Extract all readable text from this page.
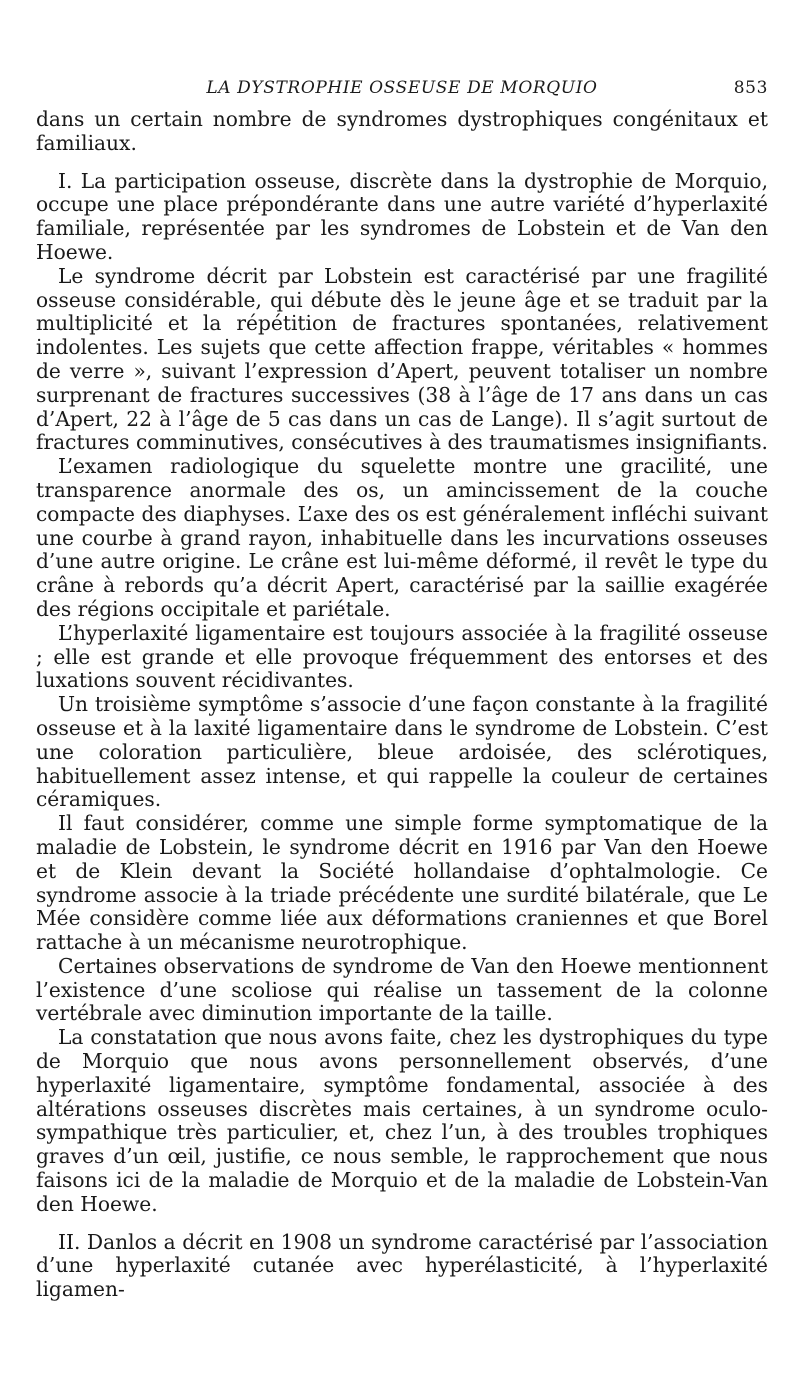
LA DYSTROPHIE OSSEUSE DE MORQUIO	853

dans un certain nombre de syndromes dystrophiques congénitaux et familiaux.

I. La participation osseuse, discrète dans la dystrophie de Morquio, occupe une place prépondérante dans une autre variété d’hyperlaxité familiale, représentée par les syndromes de Lobstein et de Van den Hoewe.

Le syndrome décrit par Lobstein est caractérisé par une fragilité osseuse considérable, qui débute dès le jeune âge et se traduit par la multiplicité et la répétition de fractures spontanées, relativement indolentes. Les sujets que cette affection frappe, véritables « hommes de verre », suivant l’expression d’Apert, peuvent totaliser un nombre surprenant de fractures successives (38 à l’âge de 17 ans dans un cas d’Apert, 22 à l’âge de 5 cas dans un cas de Lange). Il s’agit surtout de fractures comminutives, consécutives à des traumatismes insignifiants.

L’examen radiologique du squelette montre une gracilité, une transparence anormale des os, un amincissement de la couche compacte des diaphyses. L’axe des os est généralement infléchi suivant une courbe à grand rayon, inhabituelle dans les incurvations osseuses d’une autre origine. Le crâne est lui-même déformé, il revêt le type du crâne à rebords qu’a décrit Apert, caractérisé par la saillie exagérée des régions occipitale et pariétale.

L’hyperlaxité ligamentaire est toujours associée à la fragilité osseuse ; elle est grande et elle provoque fréquemment des entorses et des luxations souvent récidivantes.

Un troisième symptôme s’associe d’une façon constante à la fragilité osseuse et à la laxité ligamentaire dans le syndrome de Lobstein. C’est une coloration particulière, bleue ardoisée, des sclérotiques, habituellement assez intense, et qui rappelle la couleur de certaines céramiques.

Il faut considérer, comme une simple forme symptomatique de la maladie de Lobstein, le syndrome décrit en 1916 par Van den Hoewe et de Klein devant la Société hollandaise d’ophtalmologie. Ce syndrome associe à la triade précédente une surdité bilatérale, que Le Mée considère comme liée aux déformations craniennes et que Borel rattache à un mécanisme neurotrophique.

Certaines observations de syndrome de Van den Hoewe mentionnent l’existence d’une scoliose qui réalise un tassement de la colonne vertébrale avec diminution importante de la taille.

La constatation que nous avons faite, chez les dystrophiques du type de Morquio que nous avons personnellement observés, d’une hyperlaxité ligamentaire, symptôme fondamental, associée à des altérations osseuses discrètes mais certaines, à un syndrome oculo-sympathique très particulier, et, chez l’un, à des troubles trophiques graves d’un œil, justifie, ce nous semble, le rapprochement que nous faisons ici de la maladie de Morquio et de la maladie de Lobstein-Van den Hoewe.

II. Danlos a décrit en 1908 un syndrome caractérisé par l’association d’une hyperlaxité cutanée avec hyperélasticité, à l’hyperlaxité ligamen-
